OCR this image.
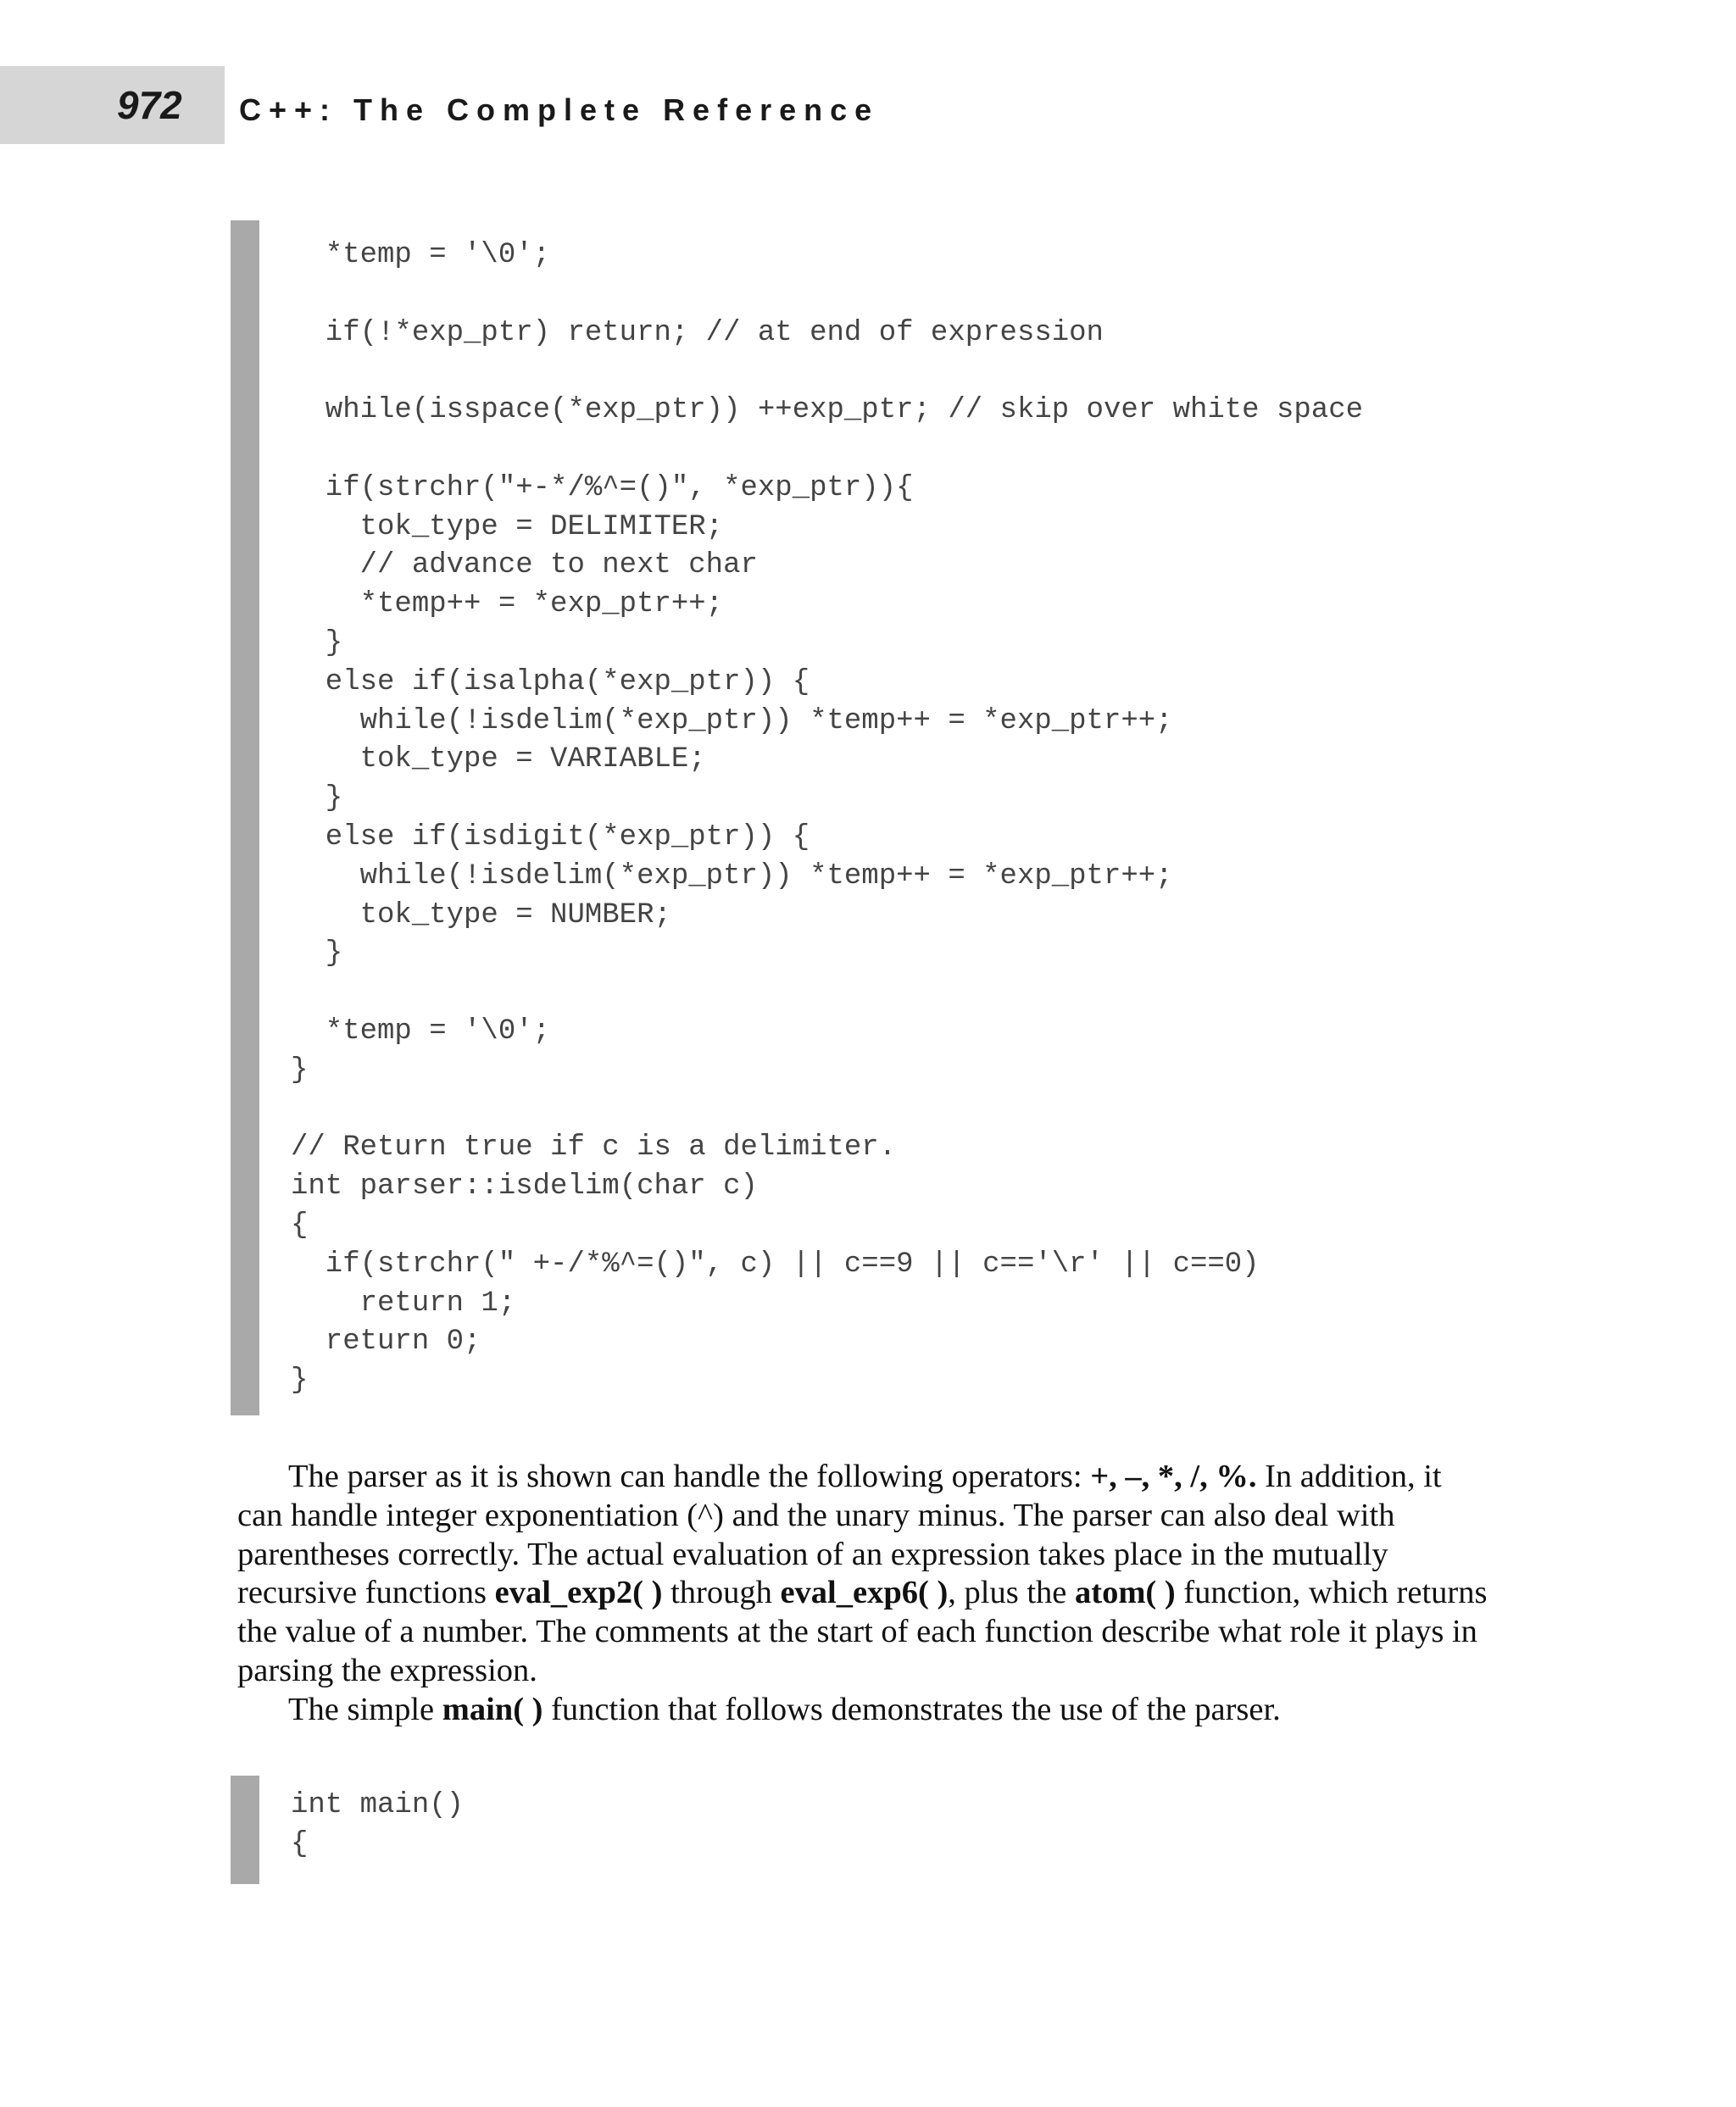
972 C++: The Complete Reference
*temp = '\0';

if(!*exp_ptr) return; // at end of expression

while(isspace(*exp_ptr)) ++exp_ptr; // skip over white space

if(strchr("+-*/%^=()", *exp_ptr)){
tok_type = DELIMITER;
// advance to next char
*temp++ = *exp_ptr++;
}
else if(isalpha(*exp_ptr)) {
while(!isdelim(*exp_ptr)) *temp++ = *exp_ptr++;
tok_type = VARIABLE;
}
else if(isdigit(*exp_ptr)) {
while(!isdelim(*exp_ptr)) *temp++ = *exp_ptr++;
tok_type = NUMBER;
}

*temp = '\0';
}

// Return true if c is a delimiter.
int parser::isdelim(char c)
{
if(strchr(" +-/*%^=()", c) || c==9 || c=='\r' || c==0)
return 1;
return 0;
}

The parser as it is shown can handle the following operators: +, –, *, /, %. In addition, it can handle integer exponentiation (^) and the unary minus. The parser can also deal with parentheses correctly. The actual evaluation of an expression takes place in the mutually recursive functions eval_exp2( ) through eval_exp6( ), plus the atom( ) function, which returns the value of a number. The comments at the start of each function describe what role it plays in parsing the expression.

The simple main( ) function that follows demonstrates the use of the parser.

int main()
{
